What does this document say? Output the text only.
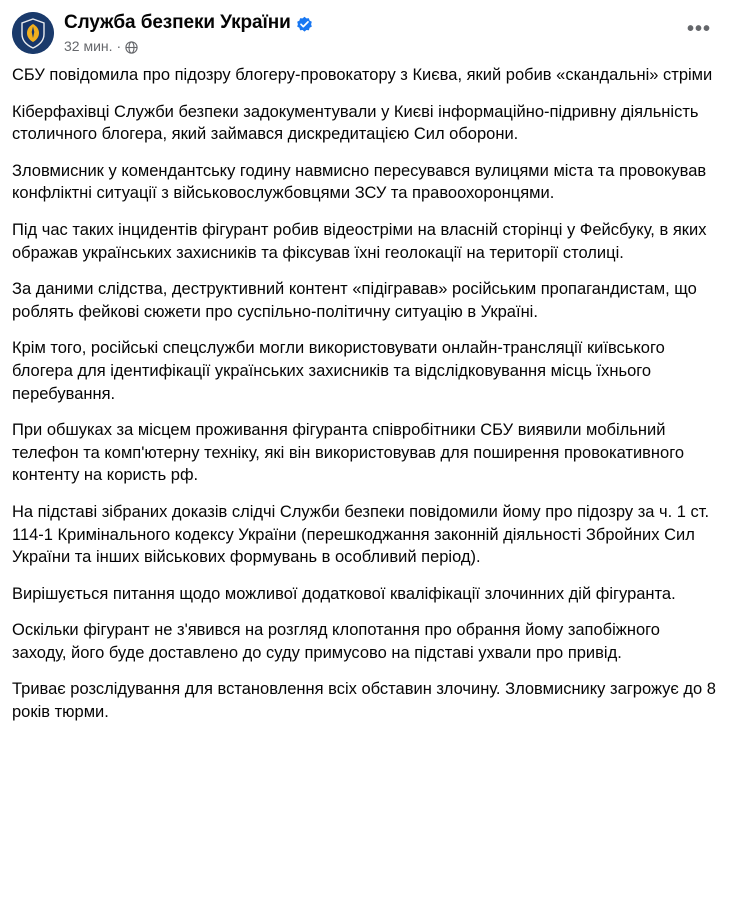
Служба безпеки України
32 мин. ·
•••

СБУ повідомила про підозру блогеру-провокатору з Києва, який робив «скандальні» стріми

Кіберфахівці Служби безпеки задокументували у Києві інформаційно-підривну діяльність столичного блогера, який займався дискредитацією Сил оборони.

Зловмисник у комендантську годину навмисно пересувався вулицями міста та провокував конфліктні ситуації з військовослужбовцями ЗСУ та правоохоронцями.

Під час таких інцидентів фігурант робив відеостріми на власній сторінці у Фейсбуку, в яких ображав українських захисників та фіксував їхні геолокації на території столиці.

За даними слідства, деструктивний контент «підігравав» російським пропагандистам, що роблять фейкові сюжети про суспільно-політичну ситуацію в Україні.

Крім того, російські спецслужби могли використовувати онлайн-трансляції київського блогера для ідентифікації українських захисників та відслідковування місць їхнього перебування.

При обшуках за місцем проживання фігуранта співробітники СБУ виявили мобільний телефон та комп'ютерну техніку, які він використовував для поширення провокативного контенту на користь рф.

На підставі зібраних доказів слідчі Служби безпеки повідомили йому про підозру за ч. 1 ст. 114-1 Кримінального кодексу України (перешкоджання законній діяльності Збройних Сил України та інших військових формувань в особливий період).

Вирішується питання щодо можливої додаткової кваліфікації злочинних дій фігуранта.

Оскільки фігурант не з'явився на розгляд клопотання про обрання йому запобіжного заходу, його буде доставлено до суду примусово на підставі ухвали про привід.

Триває розслідування для встановлення всіх обставин злочину. Зловмиснику загрожує до 8 років тюрми.
